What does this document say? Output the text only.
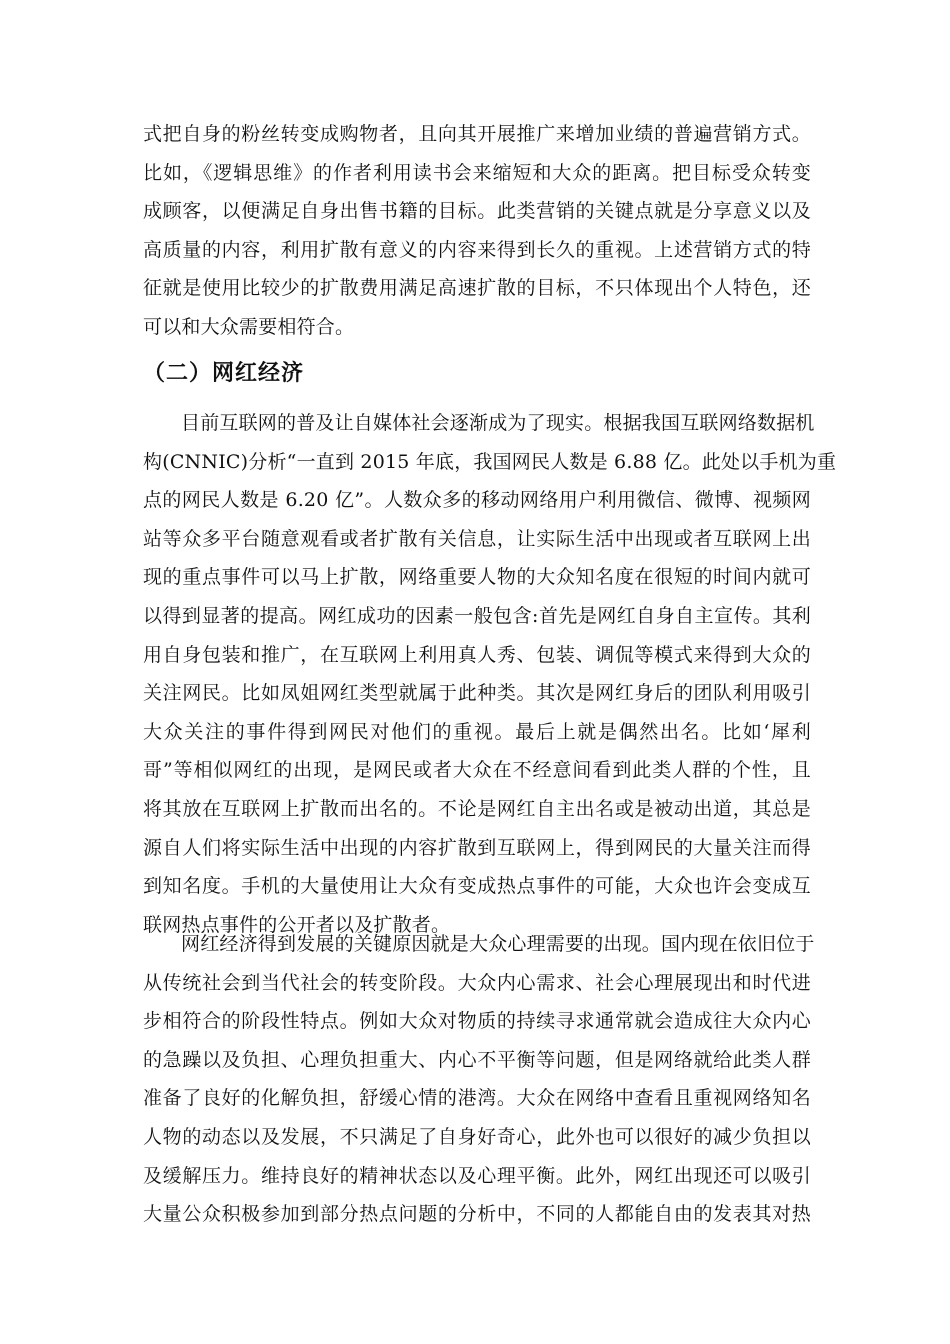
式把自身的粉丝转变成购物者，且向其开展推广来增加业绩的普遍营销方式。
比如，《逻辑思维》的作者利用读书会来缩短和大众的距离。把目标受众转变
成顾客，以便满足自身出售书籍的目标。此类营销的关键点就是分享意义以及
高质量的内容，利用扩散有意义的内容来得到长久的重视。上述营销方式的特
征就是使用比较少的扩散费用满足高速扩散的目标，不只体现出个人特色，还
可以和大众需要相符合。
（二）网红经济
目前互联网的普及让自媒体社会逐渐成为了现实。根据我国互联网络数据机
构(CNNIC)分析“一直到 2015 年底，我国网民人数是 6.88 亿。此处以手机为重
点的网民人数是 6.20 亿”。人数众多的移动网络用户利用微信、微博、视频网
站等众多平台随意观看或者扩散有关信息，让实际生活中出现或者互联网上出
现的重点事件可以马上扩散，网络重要人物的大众知名度在很短的时间内就可
以得到显著的提高。网红成功的因素一般包含:首先是网红自身自主宣传。其利
用自身包装和推广，在互联网上利用真人秀、包装、调侃等模式来得到大众的
关注网民。比如凤姐网红类型就属于此种类。其次是网红身后的团队利用吸引
大众关注的事件得到网民对他们的重视。最后上就是偶然出名。比如‘犀利
哥”等相似网红的出现，是网民或者大众在不经意间看到此类人群的个性，且
将其放在互联网上扩散而出名的。不论是网红自主出名或是被动出道，其总是
源自人们将实际生活中出现的内容扩散到互联网上，得到网民的大量关注而得
到知名度。手机的大量使用让大众有变成热点事件的可能，大众也许会变成互
联网热点事件的公开者以及扩散者。
网红经济得到发展的关键原因就是大众心理需要的出现。国内现在依旧位于
从传统社会到当代社会的转变阶段。大众内心需求、社会心理展现出和时代进
步相符合的阶段性特点。例如大众对物质的持续寻求通常就会造成往大众内心
的急躁以及负担、心理负担重大、内心不平衡等问题，但是网络就给此类人群
准备了良好的化解负担，舒缓心情的港湾。大众在网络中查看且重视网络知名
人物的动态以及发展，不只满足了自身好奇心，此外也可以很好的减少负担以
及缓解压力。维持良好的精神状态以及心理平衡。此外，网红出现还可以吸引
大量公众积极参加到部分热点问题的分析中，不同的人都能自由的发表其对热
